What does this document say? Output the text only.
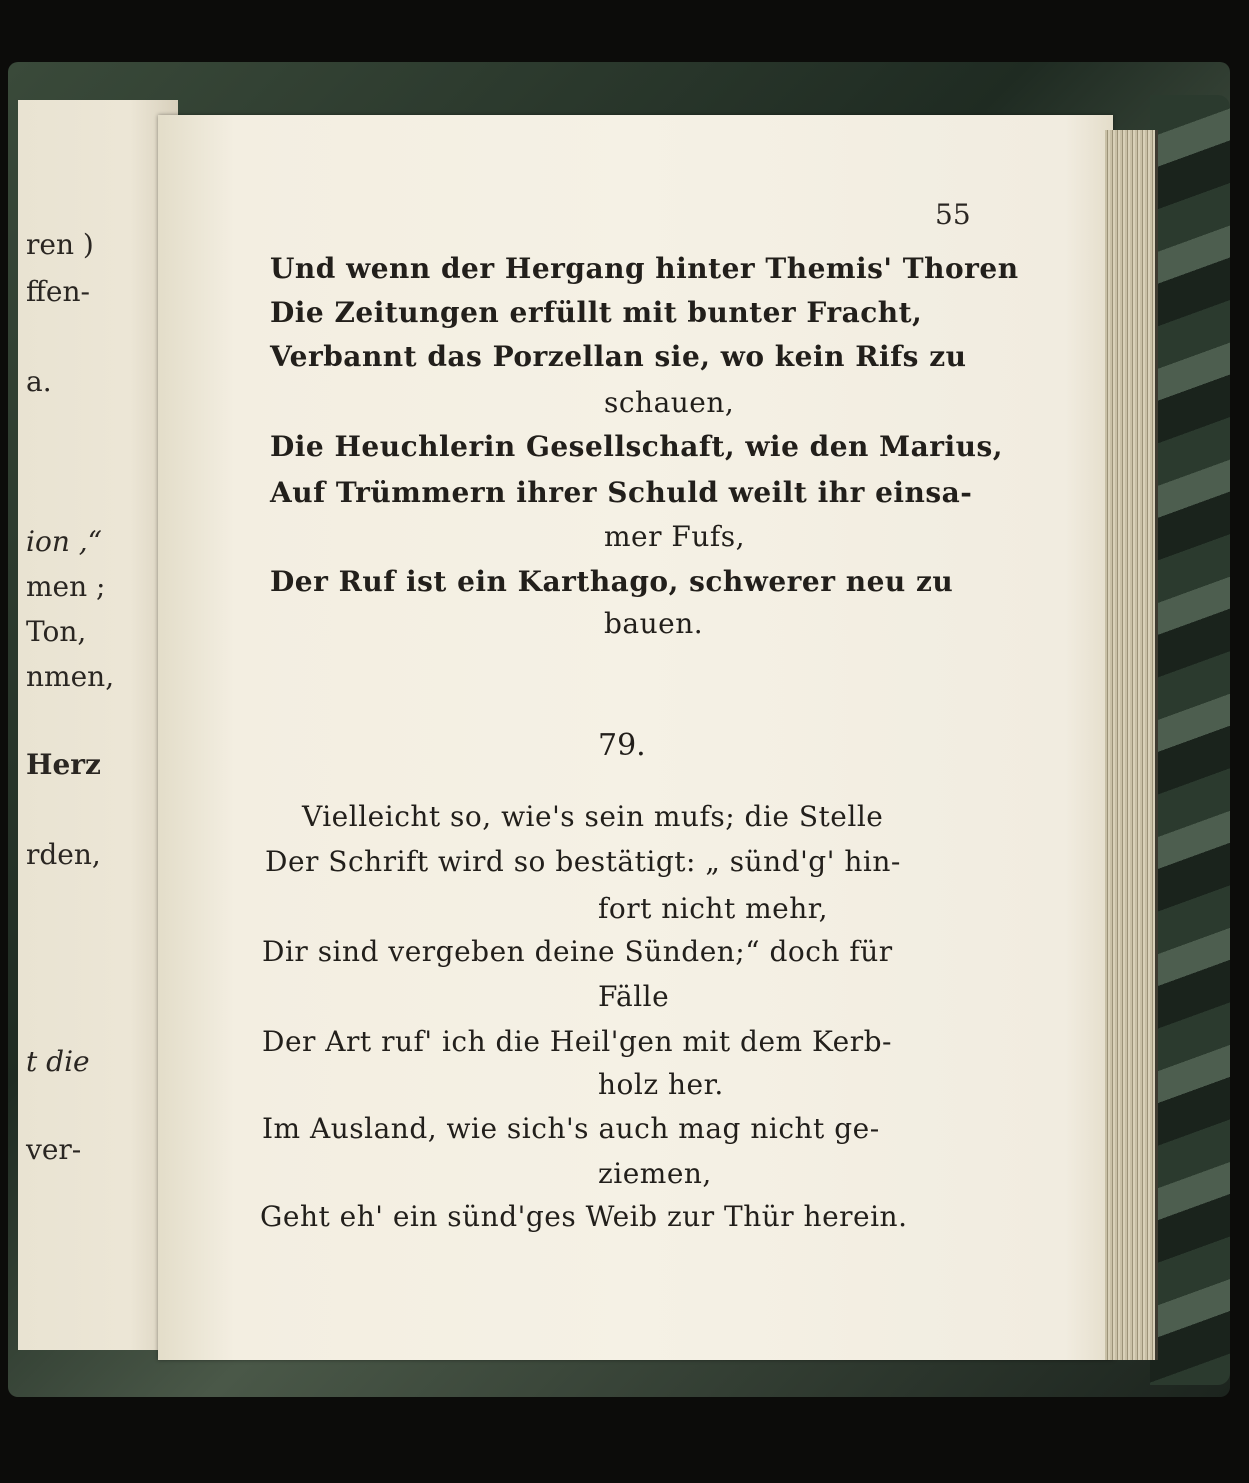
ren )
ffen-
a.
ion ,“
men ;
Ton,
nmen,
Herz
rden,
t die
ver-
55
Und wenn der Hergang hinter Themis' Thoren
Die Zeitungen erfüllt mit bunter Fracht,
Verbannt das Porzellan sie, wo kein Rifs zu
schauen,
Die Heuchlerin Gesellschaft, wie den Marius,
Auf Trümmern ihrer Schuld weilt ihr einsa-
mer Fufs,
Der Ruf ist ein Karthago, schwerer neu zu
bauen.
79.
Vielleicht so, wie's sein mufs; die Stelle
Der Schrift wird so bestätigt: „ sünd'g' hin-
fort nicht mehr,
Dir sind vergeben deine Sünden;“ doch für
Fälle
Der Art ruf' ich die Heil'gen mit dem Kerb-
holz her.
Im Ausland, wie sich's auch mag nicht ge-
ziemen,
Geht eh' ein sünd'ges Weib zur Thür herein.
